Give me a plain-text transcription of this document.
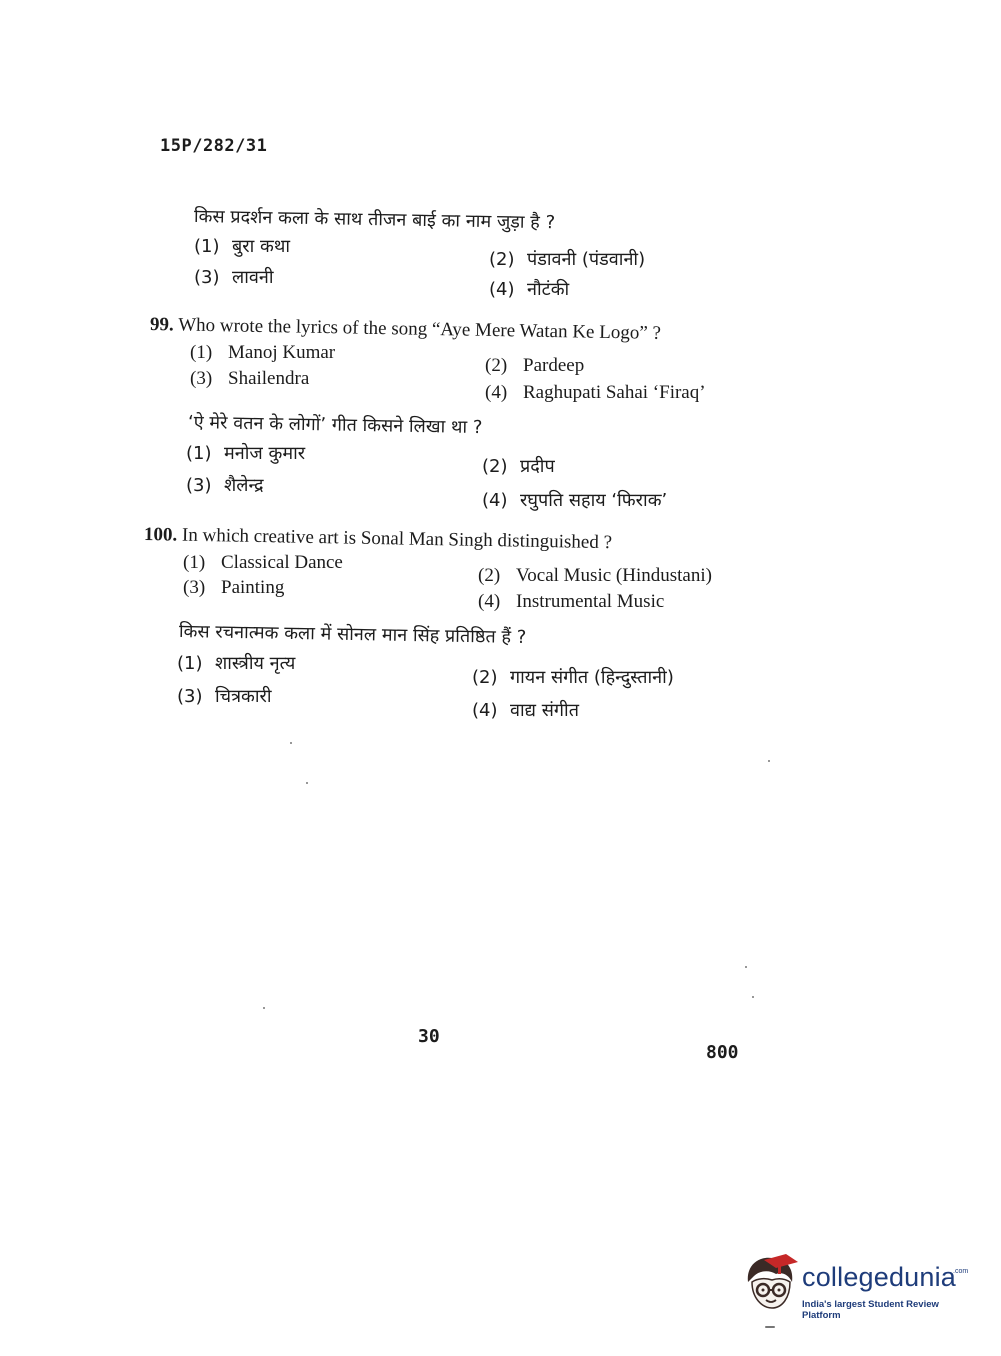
15P/282/31
किस प्रदर्शन कला के साथ तीजन बाई का नाम जुड़ा है ?
(1) बुरा कथा
(2) पंडावनी (पंडवानी)
(3) लावनी
(4) नौटंकी
99. Who wrote the lyrics of the song “Aye Mere Watan Ke Logo” ?
(1) Manoj Kumar
(2) Pardeep
(3) Shailendra
(4) Raghupati Sahai ‘Firaq’
‘ऐ मेरे वतन के लोगों’ गीत किसने लिखा था ?
(1) मनोज कुमार
(2) प्रदीप
(3) शैलेन्द्र
(4) रघुपति सहाय ‘फिराक’
100. In which creative art is Sonal Man Singh distinguished ?
(1) Classical Dance
(2) Vocal Music (Hindustani)
(3) Painting
(4) Instrumental Music
किस रचनात्मक कला में सोनल मान सिंह प्रतिष्ठित हैं ?
(1) शास्त्रीय नृत्य
(2) गायन संगीत (हिन्दुस्तानी)
(3) चित्रकारी
(4) वाद्य संगीत
30
800
collegedunia
.com
India's largest Student Review Platform
